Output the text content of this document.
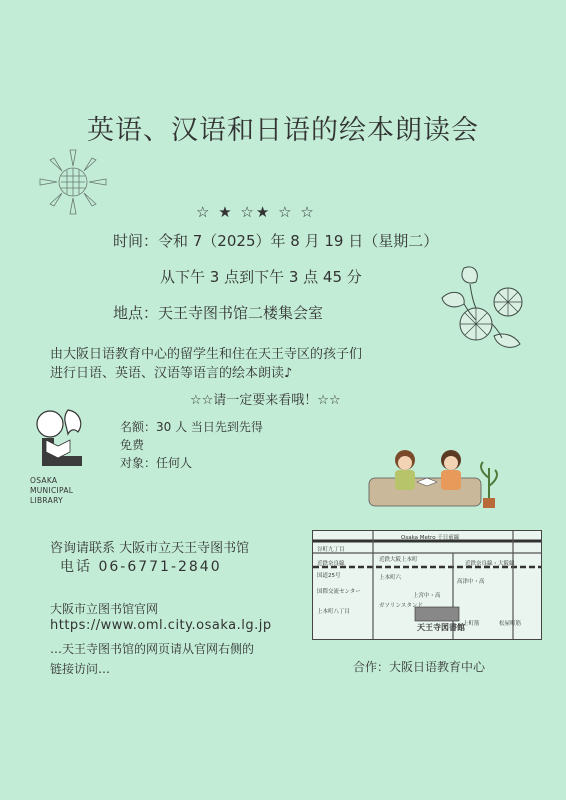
英语、汉语和日语的绘本朗读会
☆ ★ ☆★ ☆ ☆
时间：令和 7（2025）年 8 月 19 日（星期二）
从下午 3 点到下午 3 点 45 分
地点：天王寺图书馆二楼集会室
由大阪日语教育中心的留学生和住在天王寺区的孩子们
进行日语、英语、汉语等语言的绘本朗读♪
☆☆请一定要来看哦！☆☆
OSAKA
MUNICIPAL
LIBRARY
名额：30 人 当日先到先得
免费
对象：任何人
咨询请联系 大阪市立天王寺图书馆
电话 06-6771-2840
大阪市立图书馆官网
https://www.oml.city.osaka.lg.jp
…天王寺图书馆的网页请从官网右侧的
链接访问…
Osaka Metro 千日前線
谷町九丁目
近鉄大阪上本町
近鉄奈良線	近鉄奈良線・大阪線
国道25号	上本町六
高津中・高
上宮中・高
国際交流センター
ガソリンスタンド
上本町八丁目
天王寺図書館
上町筋	松屋町筋
合作：大阪日语教育中心
